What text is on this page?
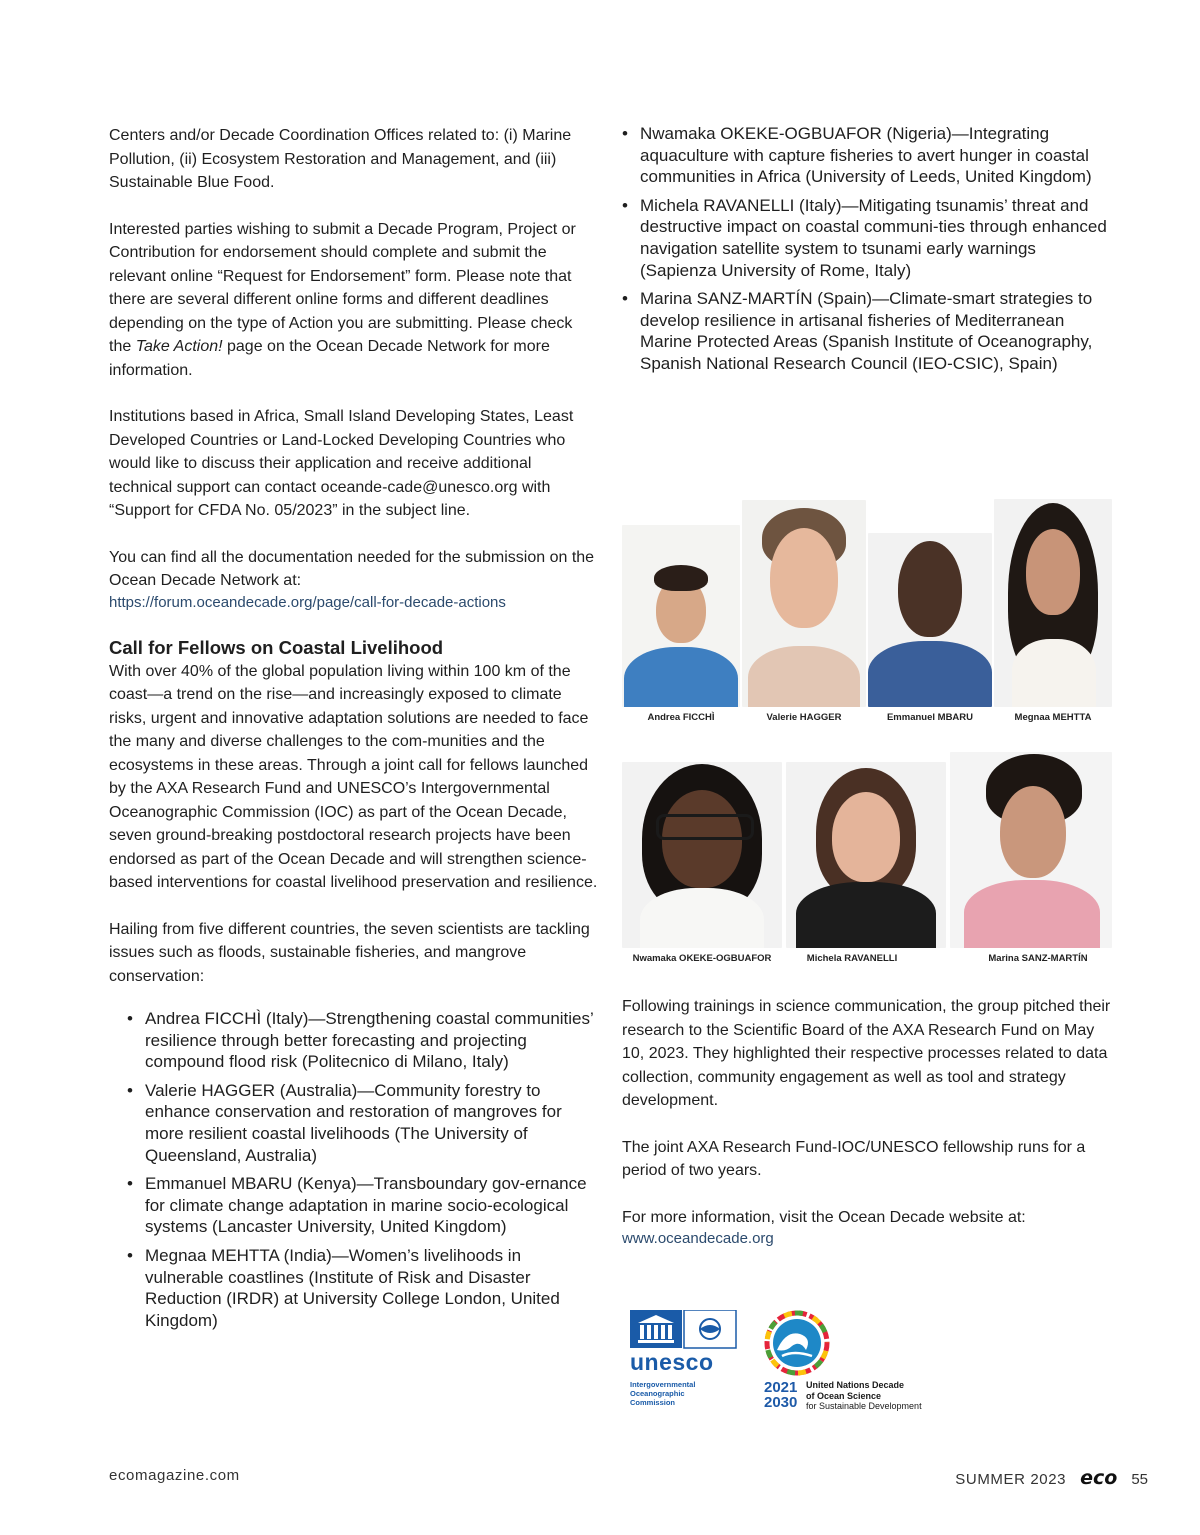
Centers and/or Decade Coordination Offices related to: (i) Marine Pollution, (ii) Ecosystem Restoration and Management, and (iii) Sustainable Blue Food.

Interested parties wishing to submit a Decade Program, Project or Contribution for endorsement should complete and submit the relevant online “Request for Endorsement” form. Please note that there are several different online forms and different deadlines depending on the type of Action you are submitting. Please check the Take Action! page on the Ocean Decade Network for more information.

Institutions based in Africa, Small Island Developing States, Least Developed Countries or Land-Locked Developing Countries who would like to discuss their application and receive additional technical support can contact oceande-cade@unesco.org with “Support for CFDA No. 05/2023” in the subject line.

You can find all the documentation needed for the submission on the Ocean Decade Network at:
https://forum.oceandecade.org/page/call-for-decade-actions

Call for Fellows on Coastal Livelihood

With over 40% of the global population living within 100 km of the coast—a trend on the rise—and increasingly exposed to climate risks, urgent and innovative adaptation solutions are needed to face the many and diverse challenges to the com-munities and the ecosystems in these areas. Through a joint call for fellows launched by the AXA Research Fund and UNESCO’s Intergovernmental Oceanographic Commission (IOC) as part of the Ocean Decade, seven ground-breaking postdoctoral research projects have been endorsed as part of the Ocean Decade and will strengthen science-based interventions for coastal livelihood preservation and resilience.

Hailing from five different countries, the seven scientists are tackling issues such as floods, sustainable fisheries, and mangrove conservation:

• Andrea FICCHÌ (Italy)—Strengthening coastal communities’ resilience through better forecasting and projecting compound flood risk (Politecnico di Milano, Italy)
• Valerie HAGGER (Australia)—Community forestry to enhance conservation and restoration of mangroves for more resilient coastal livelihoods (The University of Queensland, Australia)
• Emmanuel MBARU (Kenya)—Transboundary gov-ernance for climate change adaptation in marine socio-ecological systems (Lancaster University, United Kingdom)
• Megnaa MEHTTA (India)—Women’s livelihoods in vulnerable coastlines (Institute of Risk and Disaster Reduction (IRDR) at University College London, United Kingdom)
• Nwamaka OKEKE-OGBUAFOR (Nigeria)—Integrating aquaculture with capture fisheries to avert hunger in coastal communities in Africa (University of Leeds, United Kingdom)
• Michela RAVANELLI (Italy)—Mitigating tsunamis’ threat and destructive impact on coastal communi-ties through enhanced navigation satellite system to tsunami early warnings (Sapienza University of Rome, Italy)
• Marina SANZ-MARTÍN (Spain)—Climate-smart strategies to develop resilience in artisanal fisheries of Mediterranean Marine Protected Areas (Spanish Institute of Oceanography, Spanish National Research Council (IEO-CSIC), Spain)
Andrea FICCHÌ	Valerie HAGGER	Emmanuel MBARU	Megnaa MEHTTA
Nwamaka OKEKE-OGBUAFOR	Michela RAVANELLI	Marina SANZ-MARTÍN

Following trainings in science communication, the group pitched their research to the Scientific Board of the AXA Research Fund on May 10, 2023. They highlighted their respective processes related to data collection, community engagement as well as tool and strategy development.

The joint AXA Research Fund-IOC/UNESCO fellowship runs for a period of two years.

For more information, visit the Ocean Decade website at:
www.oceandecade.org

unesco
Intergovernmental
Oceanographic
Commission
2021
2030
United Nations Decade
of Ocean Science
for Sustainable Development
ecomagazine.com	SUMMER 2023 eco 55
